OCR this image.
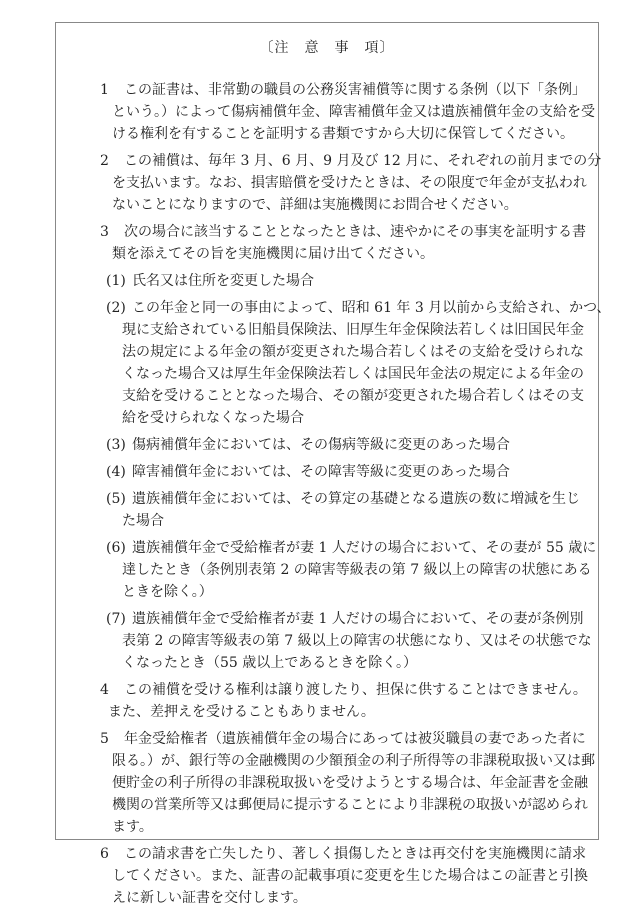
〔注　意　事　項〕
1	この証書は、非常勤の職員の公務災害補償等に関する条例（以下「条例」
という。）によって傷病補償年金、障害補償年金又は遺族補償年金の支給を受
ける権利を有することを証明する書類ですから大切に保管してください。
2	この補償は、毎年 3 月、6 月、9 月及び 12 月に、それぞれの前月までの分
を支払います。なお、損害賠償を受けたときは、その限度で年金が支払われ
ないことになりますので、詳細は実施機関にお問合せください。
3	次の場合に該当することとなったときは、速やかにその事実を証明する書
類を添えてその旨を実施機関に届け出てください。
(1) 氏名又は住所を変更した場合
(2) この年金と同一の事由によって、昭和 61 年 3 月以前から支給され、かつ、
現に支給されている旧船員保険法、旧厚生年金保険法若しくは旧国民年金
法の規定による年金の額が変更された場合若しくはその支給を受けられな
くなった場合又は厚生年金保険法若しくは国民年金法の規定による年金の
支給を受けることとなった場合、その額が変更された場合若しくはその支
給を受けられなくなった場合
(3) 傷病補償年金においては、その傷病等級に変更のあった場合
(4) 障害補償年金においては、その障害等級に変更のあった場合
(5) 遺族補償年金においては、その算定の基礎となる遺族の数に増減を生じ
た場合
(6) 遺族補償年金で受給権者が妻 1 人だけの場合において、その妻が 55 歳に
達したとき（条例別表第 2 の障害等級表の第 7 級以上の障害の状態にある
ときを除く。）
(7) 遺族補償年金で受給権者が妻 1 人だけの場合において、その妻が条例別
表第 2 の障害等級表の第 7 級以上の障害の状態になり、又はその状態でな
くなったとき（55 歳以上であるときを除く。）
4	この補償を受ける権利は譲り渡したり、担保に供することはできません。
また、差押えを受けることもありません。
5	年金受給権者（遺族補償年金の場合にあっては被災職員の妻であった者に
限る。）が、銀行等の金融機関の少額預金の利子所得等の非課税取扱い又は郵
便貯金の利子所得の非課税取扱いを受けようとする場合は、年金証書を金融
機関の営業所等又は郵便局に提示することにより非課税の取扱いが認められ
ます。
6	この請求書を亡失したり、著しく損傷したときは再交付を実施機関に請求
してください。また、証書の記載事項に変更を生じた場合はこの証書と引換
えに新しい証書を交付します。
